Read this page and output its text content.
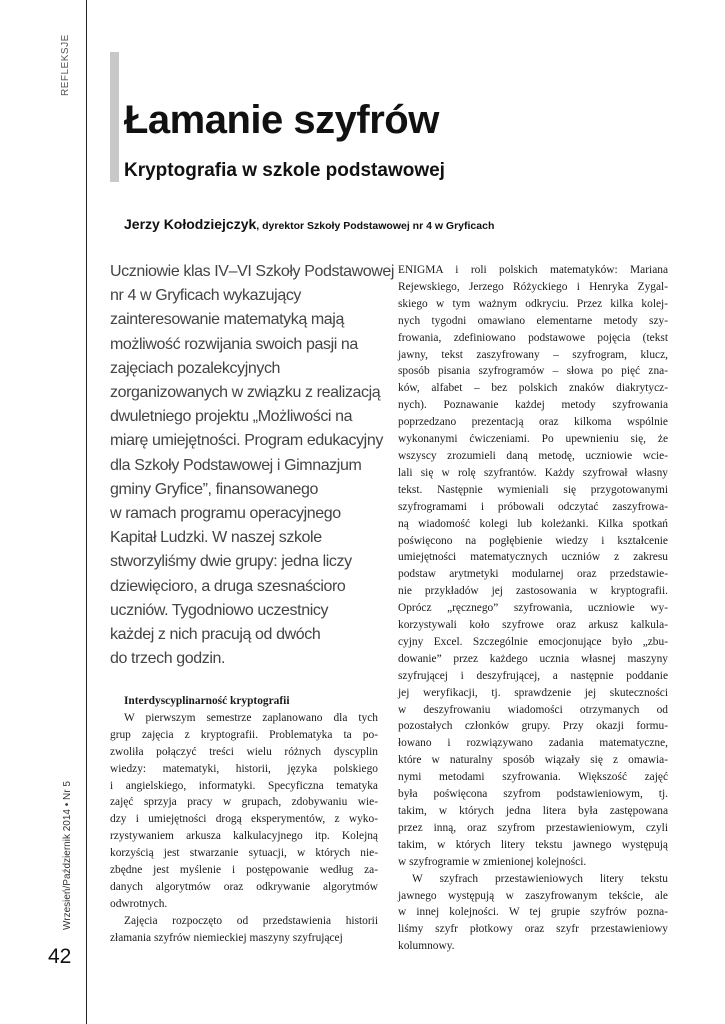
REFLEKSJE
Wrzesień/Październik 2014 • Nr 5
42
Łamanie szyfrów
Kryptografia w szkole podstawowej
Jerzy Kołodziejczyk, dyrektor Szkoły Podstawowej nr 4 w Gryficach
Uczniowie klas IV–VI Szkoły Podstawowej
nr 4 w Gryficach wykazujący
zainteresowanie matematyką mają
możliwość rozwijania swoich pasji na
zajęciach pozalekcyjnych
zorganizowanych w związku z realizacją
dwuletniego projektu „Możliwości na
miarę umiejętności. Program edukacyjny
dla Szkoły Podstawowej i Gimnazjum
gminy Gryfice”, finansowanego
w ramach programu operacyjnego
Kapitał Ludzki. W naszej szkole
stworzyliśmy dwie grupy: jedna liczy
dziewięcioro, a druga szesnaścioro
uczniów. Tygodniowo uczestnicy
każdej z nich pracują od dwóch
do trzech godzin.
Interdyscyplinarność kryptografii
W pierwszym semestrze zaplanowano dla tych
grup zajęcia z kryptografii. Problematyka ta po-
zwoliła połączyć treści wielu różnych dyscyplin
wiedzy: matematyki, historii, języka polskiego
i angielskiego, informatyki. Specyficzna tematyka
zajęć sprzyja pracy w grupach, zdobywaniu wie-
dzy i umiejętności drogą eksperymentów, z wyko-
rzystywaniem arkusza kalkulacyjnego itp. Kolejną
korzyścią jest stwarzanie sytuacji, w których nie-
zbędne jest myślenie i postępowanie według za-
danych algorytmów oraz odkrywanie algorytmów
odwrotnych.
Zajęcia rozpoczęto od przedstawienia historii
złamania szyfrów niemieckiej maszyny szyfrującej
ENIGMA i roli polskich matematyków: Mariana
Rejewskiego, Jerzego Różyckiego i Henryka Zygal-
skiego w tym ważnym odkryciu. Przez kilka kolej-
nych tygodni omawiano elementarne metody szy-
frowania, zdefiniowano podstawowe pojęcia (tekst
jawny, tekst zaszyfrowany – szyfrogram, klucz,
sposób pisania szyfrogramów – słowa po pięć zna-
ków, alfabet – bez polskich znaków diakrytycz-
nych). Poznawanie każdej metody szyfrowania
poprzedzano prezentacją oraz kilkoma wspólnie
wykonanymi ćwiczeniami. Po upewnieniu się, że
wszyscy zrozumieli daną metodę, uczniowie wcie-
lali się w rolę szyfrantów. Każdy szyfrował własny
tekst. Następnie wymieniali się przygotowanymi
szyfrogramami i próbowali odczytać zaszyfrowa-
ną wiadomość kolegi lub koleżanki. Kilka spotkań
poświęcono na pogłębienie wiedzy i kształcenie
umiejętności matematycznych uczniów z zakresu
podstaw arytmetyki modularnej oraz przedstawie-
nie przykładów jej zastosowania w kryptografii.
Oprócz „ręcznego” szyfrowania, uczniowie wy-
korzystywali koło szyfrowe oraz arkusz kalkula-
cyjny Excel. Szczególnie emocjonujące było „zbu-
dowanie” przez każdego ucznia własnej maszyny
szyfrującej i deszyfrującej, a następnie poddanie
jej weryfikacji, tj. sprawdzenie jej skuteczności
w deszyfrowaniu wiadomości otrzymanych od
pozostałych członków grupy. Przy okazji formu-
łowano i rozwiązywano zadania matematyczne,
które w naturalny sposób wiązały się z omawia-
nymi metodami szyfrowania. Większość zajęć
była poświęcona szyfrom podstawieniowym, tj.
takim, w których jedna litera była zastępowana
przez inną, oraz szyfrom przestawieniowym, czyli
takim, w których litery tekstu jawnego występują
w szyfrogramie w zmienionej kolejności.
W szyfrach przestawieniowych litery tekstu
jawnego występują w zaszyfrowanym tekście, ale
w innej kolejności. W tej grupie szyfrów pozna-
liśmy szyfr płotkowy oraz szyfr przestawieniowy
kolumnowy.
